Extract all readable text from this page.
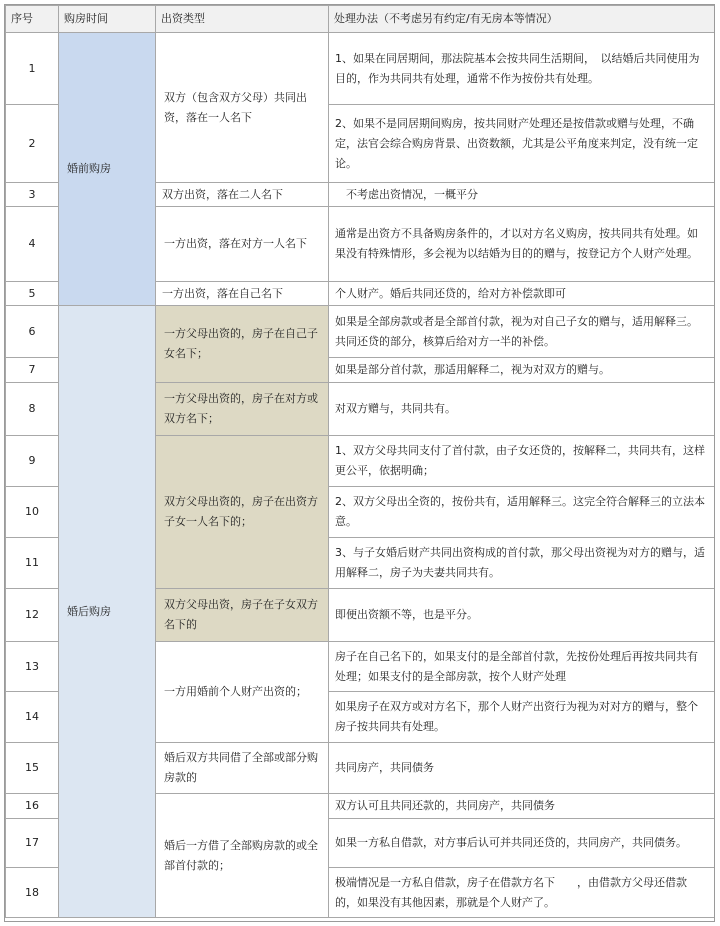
序号	购房时间	出资类型	处理办法（不考虑另有约定/有无房本等情况）
1	婚前购房	双方（包含双方父母）共同出资，落在一人名下	1、如果在同居期间，那法院基本会按共同生活期间，　以结婚后共同使用为目的，作为共同共有处理，通常不作为按份共有处理。
2			2、如果不是同居期间购房，按共同财产处理还是按借款或赠与处理，不确定，法官会综合购房背景、出资数额，尤其是公平角度来判定，没有统一定论。
3		双方出资，落在二人名下	　不考虑出资情况，一概平分
4		一方出资，落在对方一人名下	通常是出资方不具备购房条件的，才以对方名义购房，按共同共有处理。如果没有特殊情形，多会视为以结婚为目的的赠与，按登记方个人财产处理。
5		一方出资，落在自己名下	个人财产。婚后共同还贷的，给对方补偿款即可
6	婚后购房	一方父母出资的，房子在自己子女名下；	如果是全部房款或者是全部首付款，视为对自己子女的赠与，适用解释三。共同还贷的部分，核算后给对方一半的补偿。
7			如果是部分首付款，那适用解释二，视为对双方的赠与。
8		一方父母出资的，房子在对方或双方名下；	对双方赠与，共同共有。
9		双方父母出资的，房子在出资方子女一人名下的；	1、双方父母共同支付了首付款，由子女还贷的，按解释二，共同共有，这样更公平，依据明确；
10			2、双方父母出全资的，按份共有，适用解释三。这完全符合解释三的立法本意。
11			3、与子女婚后财产共同出资构成的首付款，那父母出资视为对方的赠与，适用解释二，房子为夫妻共同共有。
12		双方父母出资，房子在子女双方名下的	即便出资额不等，也是平分。
13		一方用婚前个人财产出资的；	房子在自己名下的，如果支付的是全部首付款，先按份处理后再按共同共有处理；如果支付的是全部房款，按个人财产处理
14			如果房子在双方或对方名下，那个人财产出资行为视为对对方的赠与，整个房子按共同共有处理。
15		婚后双方共同借了全部或部分购房款的	共同房产，共同债务
16		婚后一方借了全部购房款的或全部首付款的；	双方认可且共同还款的，共同房产，共同债务
17			如果一方私自借款，对方事后认可并共同还贷的，共同房产，共同债务。
18			极端情况是一方私自借款，房子在借款方名下　　，由借款方父母还借款的，如果没有其他因素，那就是个人财产了。
